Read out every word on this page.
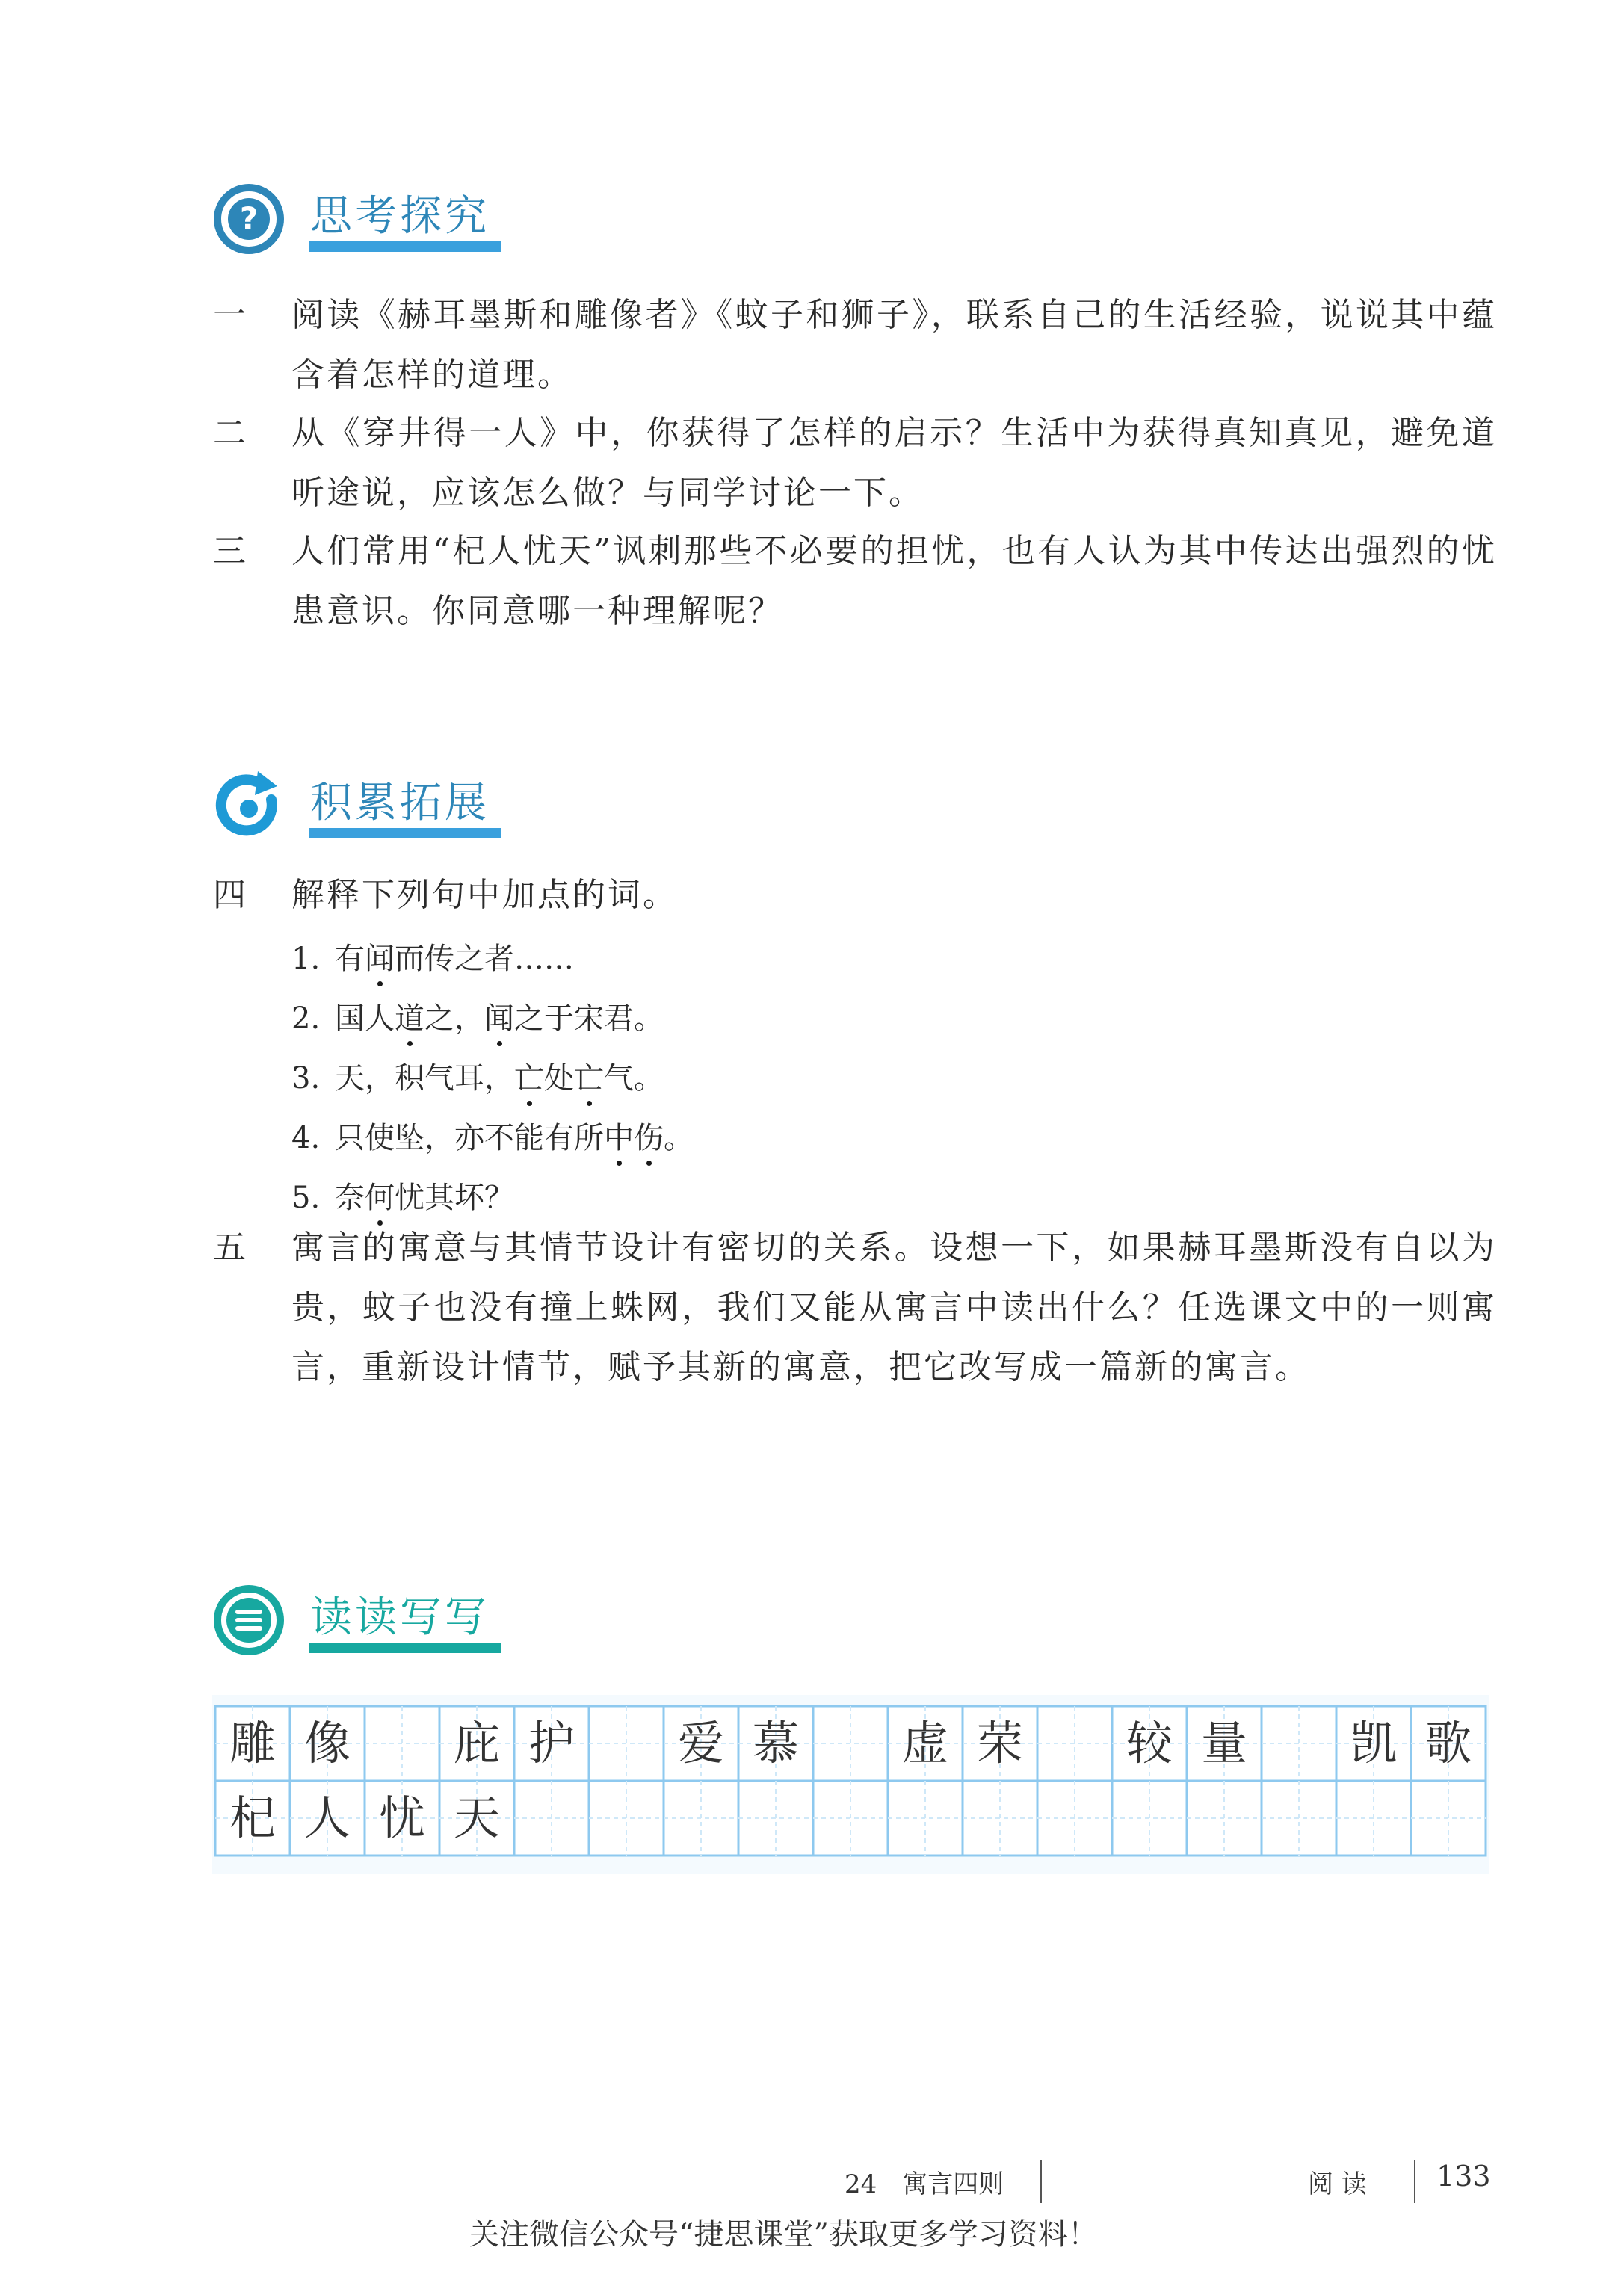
? 思考探究
一	阅读《赫耳墨斯和雕像者》《蚊子和狮子》，联系自己的生活经验，说说其中蕴含着怎样的道理。
二	从《穿井得一人》中，你获得了怎样的启示？生活中为获得真知真见，避免道听途说，应该怎么做？与同学讨论一下。
三	人们常用“杞人忧天”讽刺那些不必要的担忧，也有人认为其中传达出强烈的忧患意识。你同意哪一种理解呢？
积累拓展
四	解释下列句中加点的词。
1. 有闻而传之者……
2. 国人道之，闻之于宋君。
3. 天，积气耳，亡处亡气。
4. 只使坠，亦不能有所中伤。
5. 奈何忧其坏？
五	寓言的寓意与其情节设计有密切的关系。设想一下，如果赫耳墨斯没有自以为贵，蚊子也没有撞上蛛网，我们又能从寓言中读出什么？任选课文中的一则寓言，重新设计情节，赋予其新的寓意，把它改写成一篇新的寓言。
读读写写
雕 像	庇 护	爱 慕	虚 荣	较 量	凯 歌
杞 人 忧 天
24　寓言四则	阅 读 133
关注微信公众号“捷思课堂”获取更多学习资料！
